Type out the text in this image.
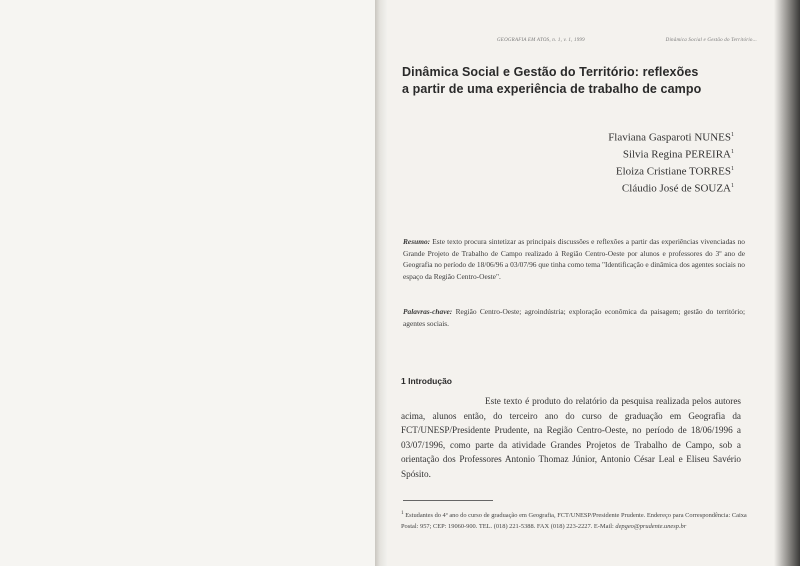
GEOGRAFIA EM ATOS, n. 1, v. 1, 1999	Dinâmica Social e Gestão do Território...
Dinâmica Social e Gestão do Território: reflexões
a partir de uma experiência de trabalho de campo
Flaviana Gasparoti NUNES$^1$
Silvia Regina PEREIRA$^1$
Eloiza Cristiane TORRES$^1$
Cláudio José de SOUZA$^1$
Resumo: Este texto procura sintetizar as principais discussões e reflexões a partir das experiências vivenciadas no Grande Projeto de Trabalho de Campo realizado à Região Centro-Oeste por alunos e professores do 3º ano de Geografia no período de 18/06/96 a 03/07/96 que tinha como tema "Identificação e dinâmica dos agentes sociais no espaço da Região Centro-Oeste".
Palavras-chave: Região Centro-Oeste; agroindústria; exploração econômica da paisagem; gestão do território; agentes sociais.
1 Introdução
Este texto é produto do relatório da pesquisa realizada pelos autores acima, alunos então, do terceiro ano do curso de graduação em Geografia da FCT/UNESP/Presidente Prudente, na Região Centro-Oeste, no período de 18/06/1996 a 03/07/1996, como parte da atividade Grandes Projetos de Trabalho de Campo, sob a orientação dos Professores Antonio Thomaz Júnior, Antonio César Leal e Eliseu Savério Spósito.
$^1$ Estudantes do 4º ano do curso de graduação em Geografia, FCT/UNESP/Presidente Prudente. Endereço para Correspondência: Caixa Postal: 957; CEP: 19060-900. TEL. (018) 221-5388. FAX (018) 223-2227. E-Mail: depgeo@prudente.unesp.br
